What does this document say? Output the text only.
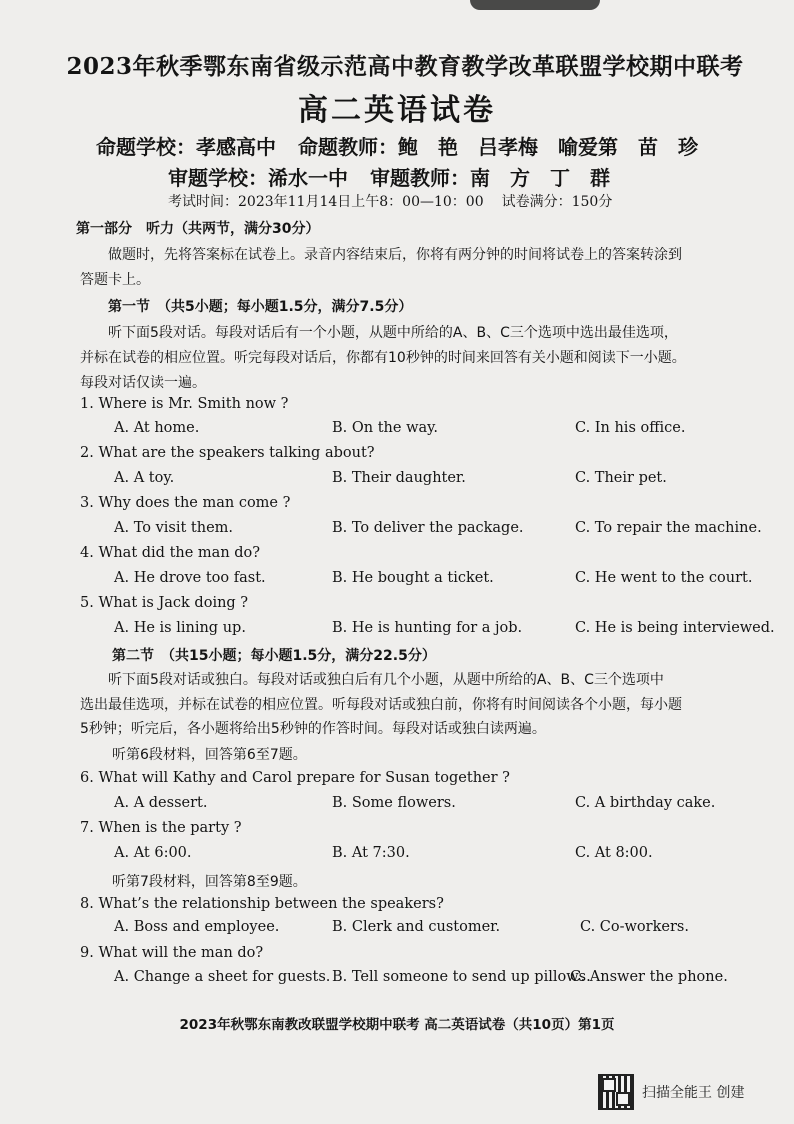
2023年秋季鄂东南省级示范高中教育教学改革联盟学校期中联考
高二英语试卷
命题学校：孝感高中 命题教师：鲍　艳　吕孝梅　喻爱第　苗　珍
审题学校：浠水一中 审题教师：南　方　丁　群
考试时间：2023年11月14日上午8：00—10：00 试卷满分：150分
第一部分　听力（共两节，满分30分）
做题时，先将答案标在试卷上。录音内容结束后，你将有两分钟的时间将试卷上的答案转涂到
答题卡上。
第一节　（共5小题；每小题1.5分，满分7.5分）
听下面5段对话。每段对话后有一个小题，从题中所给的A、B、C三个选项中选出最佳选项，
并标在试卷的相应位置。听完每段对话后，你都有10秒钟的时间来回答有关小题和阅读下一小题。
每段对话仅读一遍。
1. Where is Mr. Smith now ?
A. At home.	B. On the way.	C. In his office.
2. What are the speakers talking about?
A. A toy.	B. Their daughter.	C. Their pet.
3. Why does the man come ?
A. To visit them.	B. To deliver the package.	C. To repair the machine.
4. What did the man do?
A. He drove too fast.	B. He bought a ticket.	C. He went to the court.
5. What is Jack doing ?
A. He is lining up.	B. He is hunting for a job.	C. He is being interviewed.
第二节　（共15小题；每小题1.5分，满分22.5分）
听下面5段对话或独白。每段对话或独白后有几个小题，从题中所给的A、B、C三个选项中
选出最佳选项，并标在试卷的相应位置。听每段对话或独白前，你将有时间阅读各个小题，每小题
5秒钟；听完后，各小题将给出5秒钟的作答时间。每段对话或独白读两遍。
听第6段材料，回答第6至7题。
6. What will Kathy and Carol prepare for Susan together ?
A. A dessert.	B. Some flowers.	C. A birthday cake.
7. When is the party ?
A. At 6:00.	B. At 7:30.	C. At 8:00.
听第7段材料，回答第8至9题。
8. What’s the relationship between the speakers?
A. Boss and employee.	B. Clerk and customer.	C. Co-workers.
9. What will the man do?
A. Change a sheet for guests. B. Tell someone to send up pillows.
C. Answer the phone.
2023年秋鄂东南教改联盟学校期中联考 高二英语试卷（共10页）第1页
扫描全能王 创建
